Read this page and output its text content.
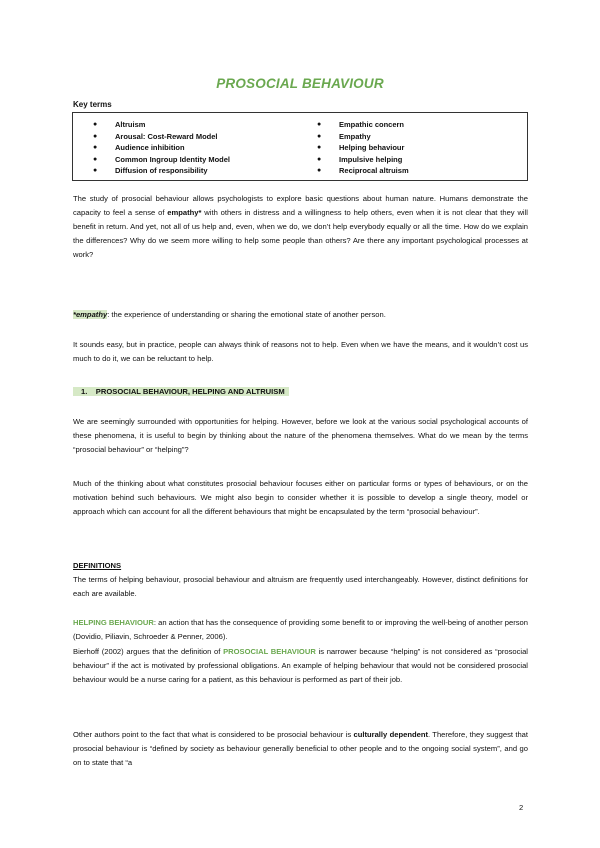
PROSOCIAL BEHAVIOUR
Key terms
● Altruism
● Arousal: Cost-Reward Model
● Audience inhibition
● Common Ingroup Identity Model
● Diffusion of responsibility
● Empathic concern
● Empathy
● Helping behaviour
● Impulsive helping
● Reciprocal altruism

The study of prosocial behaviour allows psychologists to explore basic questions about human nature. Humans demonstrate the capacity to feel a sense of empathy* with others in distress and a willingness to help others, even when it is not clear that they will benefit in return. And yet, not all of us help and, even, when we do, we don’t help everybody equally or all the time. How do we explain the differences? Why do we seem more willing to help some people than others? Are there any important psychological processes at work?

*empathy: the experience of understanding or sharing the emotional state of another person.

It sounds easy, but in practice, people can always think of reasons not to help. Even when we have the means, and it wouldn’t cost us much to do it, we can be reluctant to help.

1. PROSOCIAL BEHAVIOUR, HELPING AND ALTRUISM

We are seemingly surrounded with opportunities for helping. However, before we look at the various social psychological accounts of these phenomena, it is useful to begin by thinking about the nature of the phenomena themselves. What do we mean by the terms “prosocial behaviour” or “helping”?

Much of the thinking about what constitutes prosocial behaviour focuses either on particular forms or types of behaviours, or on the motivation behind such behaviours. We might also begin to consider whether it is possible to develop a single theory, model or approach which can account for all the different behaviours that might be encapsulated by the term “prosocial behaviour”.

DEFINITIONS

The terms of helping behaviour, prosocial behaviour and altruism are frequently used interchangeably. However, distinct definitions for each are available.

HELPING BEHAVIOUR: an action that has the consequence of providing some benefit to or improving the well-being of another person (Dovidio, Piliavin, Schroeder & Penner, 2006).

Bierhoff (2002) argues that the definition of PROSOCIAL BEHAVIOUR is narrower because “helping” is not considered as “prosocial behaviour” if the act is motivated by professional obligations. An example of helping behaviour that would not be considered prosocial behaviour would be a nurse caring for a patient, as this behaviour is performed as part of their job.

Other authors point to the fact that what is considered to be prosocial behaviour is culturally dependent. Therefore, they suggest that prosocial behaviour is “defined by society as behaviour generally beneficial to other people and to the ongoing social system”, and go on to state that “a

2
